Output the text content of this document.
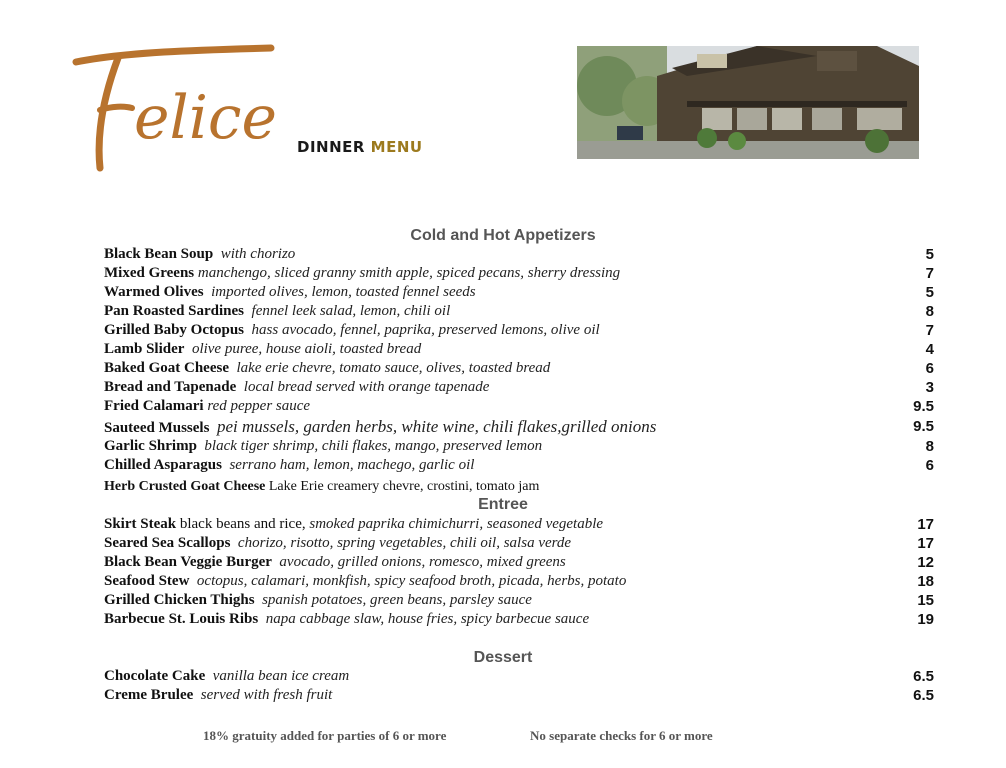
elice DINNER MENU
Cold and Hot Appetizers
Black Bean Soup with chorizo	5
Mixed Greens manchengo, sliced granny smith apple, spiced pecans, sherry dressing	7
Warmed Olives imported olives, lemon, toasted fennel seeds	5
Pan Roasted Sardines fennel leek salad, lemon, chili oil	8
Grilled Baby Octopus hass avocado, fennel, paprika, preserved lemons, olive oil	7
Lamb Slider olive puree, house aioli, toasted bread	4
Baked Goat Cheese lake erie chevre, tomato sauce, olives, toasted bread	6
Bread and Tapenade local bread served with orange tapenade	3
Fried Calamari red pepper sauce	9.5
Sauteed Mussels pei mussels, garden herbs, white wine, chili flakes,grilled onions	9.5
Garlic Shrimp black tiger shrimp, chili flakes, mango, preserved lemon	8
Chilled Asparagus serrano ham, lemon, machego, garlic oil	6
Herb Crusted Goat Cheese Lake Erie creamery chevre, crostini, tomato jam
Entree
Skirt Steak black beans and rice, smoked paprika chimichurri, seasoned vegetable	17
Seared Sea Scallops chorizo, risotto, spring vegetables, chili oil, salsa verde	17
Black Bean Veggie Burger avocado, grilled onions, romesco, mixed greens	12
Seafood Stew octopus, calamari, monkfish, spicy seafood broth, picada, herbs, potato	18
Grilled Chicken Thighs spanish potatoes, green beans, parsley sauce	15
Barbecue St. Louis Ribs napa cabbage slaw, house fries, spicy barbecue sauce	19
Dessert
Chocolate Cake vanilla bean ice cream	6.5
Creme Brulee served with fresh fruit	6.5
18% gratuity added for parties of 6 or more	No separate checks for 6 or more
